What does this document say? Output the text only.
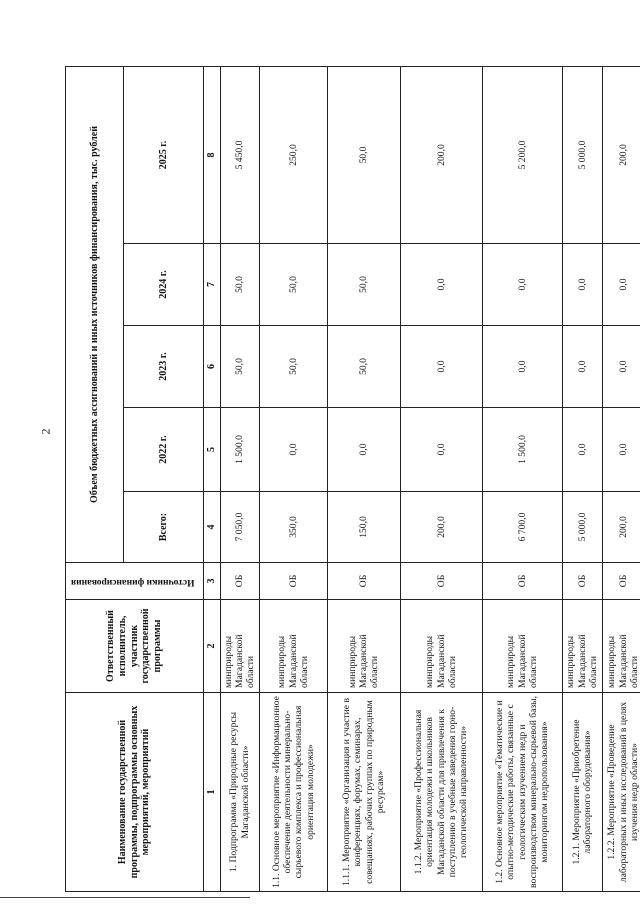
2
Наименование государственной программы, подпрограммы основных мероприятий, мероприятий	Ответственный исполнитель, участник государственной программы	Источники финансирования	Объем бюджетных ассигнований и иных источников финансирования, тыс. рублей				
			Всего:	2022 г.	2023 г.	2024 г.	2025 г.
1	2	3	4	5	6	7	8
1. Подпрограмма «Природные ресурсы Магаданской области»	минприроды Магаданской области	ОБ	7 050,0	1 500,0	50,0	50,0	5 450,0
1.1. Основное мероприятие «Информационное обеспечение деятельности минерально-сырьевого комплекса и профессиональная ориентация молодежи»	минприроды Магаданской области	ОБ	350,0	0,0	50,0	50,0	250,0
1.1.1. Мероприятие «Организация и участие в конференциях, форумах, семинарах, совещаниях, рабочих группах по природным ресурсам»	минприроды Магаданской области	ОБ	150,0	0,0	50,0	50,0	50,0
1.1.2. Мероприятие «Профессиональная ориентация молодежи и школьников Магаданской области для привлечения к поступлению в учебные заведения горно-геологической направленности»	минприроды Магаданской области	ОБ	200,0	0,0	0,0	0,0	200,0
1.2. Основное мероприятие «Тематические и опытно-методические работы, связанные с геологическим изучением недр и воспроизводством минерально-сырьевой базы, мониторингом недропользования»	минприроды Магаданской области	ОБ	6 700,0	1 500,0	0,0	0,0	5 200,0
1.2.1. Мероприятие «Приобретение лабораторного оборудования»	минприроды Магаданской области	ОБ	5 000,0	0,0	0,0	0,0	5 000,0
1.2.2. Мероприятие «Проведение лабораторных и иных исследований в целях изучения недр области»	минприроды Магаданской области	ОБ	200,0	0,0	0,0	0,0	200,0
